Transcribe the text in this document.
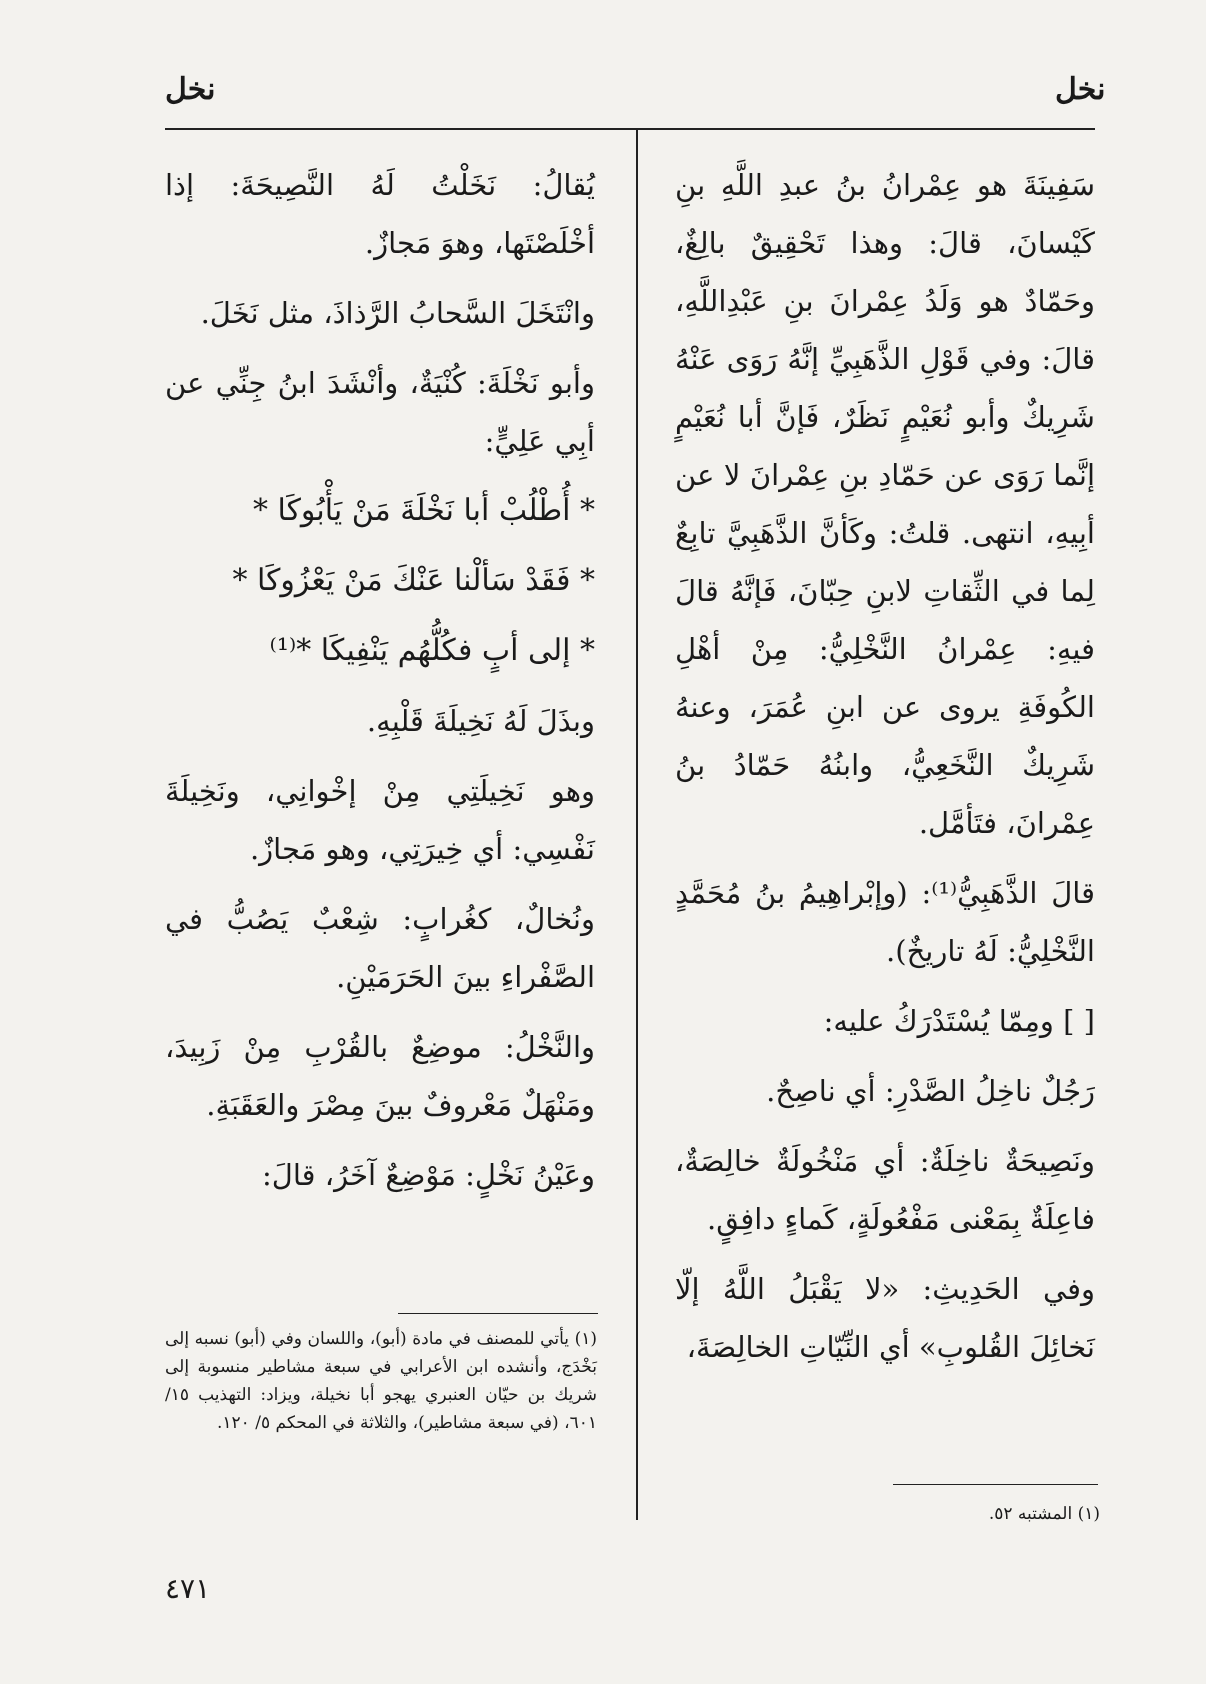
نخل	نخل

سَفِينَةَ هو عِمْرانُ بنُ عبدِ اللَّهِ بنِ كَيْسانَ، قالَ: وهذا تَحْقِيقٌ بالِغٌ، وحَمّادٌ هو وَلَدُ عِمْرانَ بنِ عَبْدِاللَّهِ، قالَ: وفي قَوْلِ الذَّهَبِيِّ إنَّهُ رَوَى عَنْهُ شَرِيكٌ وأبو نُعَيْمٍ نَظَرٌ، فَإنَّ أبا نُعَيْمٍ إنَّما رَوَى عن حَمّادِ بنِ عِمْرانَ لا عن أبِيهِ، انتهى. قلتُ: وكَأنَّ الذَّهَبِيَّ تابِعٌ لِما في الثِّقاتِ لابنِ حِبّانَ، فَإنَّهُ قالَ فيهِ: عِمْرانُ النَّخْلِيُّ: مِنْ أهْلِ الكُوفَةِ يروى عن ابنِ عُمَرَ، وعنهُ شَرِيكٌ النَّخَعِيُّ، وابنُهُ حَمّادُ بنُ عِمْرانَ، فتَأمَّل.

قالَ الذَّهَبِيُّ⁽¹⁾: (وإبْراهِيمُ بنُ مُحَمَّدٍ النَّخْلِيُّ: لَهُ تاريخٌ).

[ ] ومِمّا يُسْتَدْرَكُ عليه:

رَجُلٌ ناخِلُ الصَّدْرِ: أي ناصِحٌ.

ونَصِيحَةٌ ناخِلَةٌ: أي مَنْخُولَةٌ خالِصَةٌ، فاعِلَةٌ بِمَعْنى مَفْعُولَةٍ، كَماءٍ دافِقٍ.

وفي الحَدِيثِ: «لا يَقْبَلُ اللَّهُ إلّا نَخائِلَ القُلوبِ» أي النِّيّاتِ الخالِصَةَ،

يُقالُ: نَخَلْتُ لَهُ النَّصِيحَةَ: إذا أخْلَصْتَها، وهوَ مَجازٌ.

وانْتَخَلَ السَّحابُ الرَّذاذَ، مثل نَخَلَ.

وأبو نَخْلَةَ: كُنْيَةٌ، وأنْشَدَ ابنُ جِنِّي عن أبِي عَلِيٍّ:

* أُطْلُبْ أبا نَخْلَةَ مَنْ يَأْبُوكَا *

* فَقَدْ سَألْنا عَنْكَ مَنْ يَعْزُوكَا *

* إلى أبٍ فكُلُّهُم يَنْفِيكَا *⁽¹⁾

وبذَلَ لَهُ نَخِيلَةَ قَلْبِهِ.

وهو نَخِيلَتِي مِنْ إخْوانِي، ونَخِيلَةَ نَفْسِي: أي خِيرَتِي، وهو مَجازٌ.

ونُخالٌ، كغُرابٍ: شِعْبٌ يَصُبُّ في الصَّفْراءِ بينَ الحَرَمَيْنِ.

والنَّخْلُ: موضِعٌ بالقُرْبِ مِنْ زَبِيدَ، ومَنْهَلٌ مَعْروفٌ بينَ مِصْرَ والعَقَبَةِ.

وعَيْنُ نَخْلٍ: مَوْضِعٌ آخَرُ، قالَ:

(١) يأتي للمصنف في مادة (أبو)، واللسان وفي (أبو) نسبه إلى بَخْدَج، وأنشده ابن الأعرابي في سبعة مشاطير منسوبة إلى شريك بن حيّان العنبري يهجو أبا نخيلة، ويزاد: التهذيب ١٥/ ٦٠١، (في سبعة مشاطير)، والثلاثة في المحكم ٥/ ١٢٠.
(١) المشتبه ٥٢.
٤٧١
